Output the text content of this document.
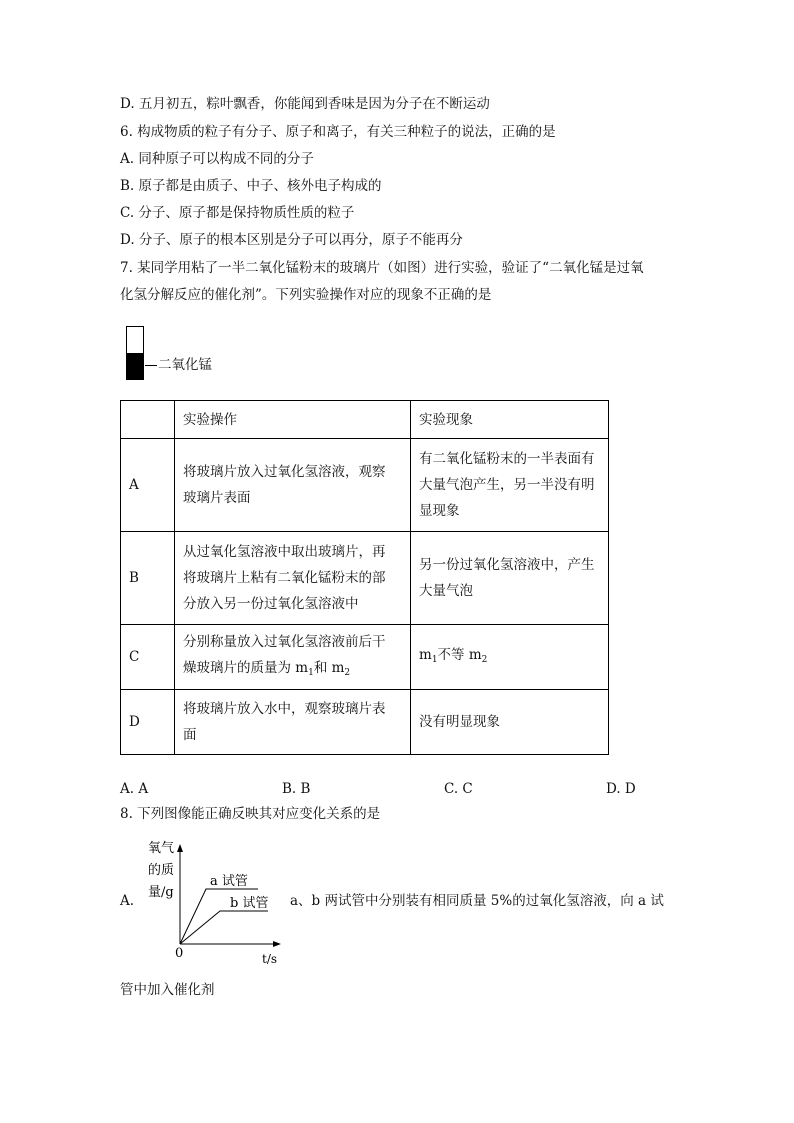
D. 五月初五，粽叶飘香，你能闻到香味是因为分子在不断运动
6. 构成物质的粒子有分子、原子和离子，有关三种粒子的说法，正确的是
A. 同种原子可以构成不同的分子
B. 原子都是由质子、中子、核外电子构成的
C. 分子、原子都是保持物质性质的粒子
D. 分子、原子的根本区别是分子可以再分，原子不能再分
7. 某同学用粘了一半二氧化锰粉末的玻璃片（如图）进行实验，验证了“二氧化锰是过氧
化氢分解反应的催化剂”。下列实验操作对应的现象不正确的是
二氧化锰
	实验操作	实验现象
A	将玻璃片放入过氧化氢溶液，观察
玻璃片表面	有二氧化锰粉末的一半表面有
大量气泡产生，另一半没有明
显现象
B	从过氧化氢溶液中取出玻璃片，再
将玻璃片上粘有二氧化锰粉末的部
分放入另一份过氧化氢溶液中	另一份过氧化氢溶液中，产生
大量气泡
C	分别称量放入过氧化氢溶液前后干
燥玻璃片的质量为 $m_1$和 $m_2$	$m_1$不等 $m_2$
D	将玻璃片放入水中，观察玻璃片表
面	没有明显现象
A. A	B. B	C. C	D. D
8. 下列图像能正确反映其对应变化关系的是
氧气
的质
量/g
0	t/s
a 试管
b 试管
A.	a、b 两试管中分别装有相同质量 5%的过氧化氢溶液，向 a 试
管中加入催化剂
